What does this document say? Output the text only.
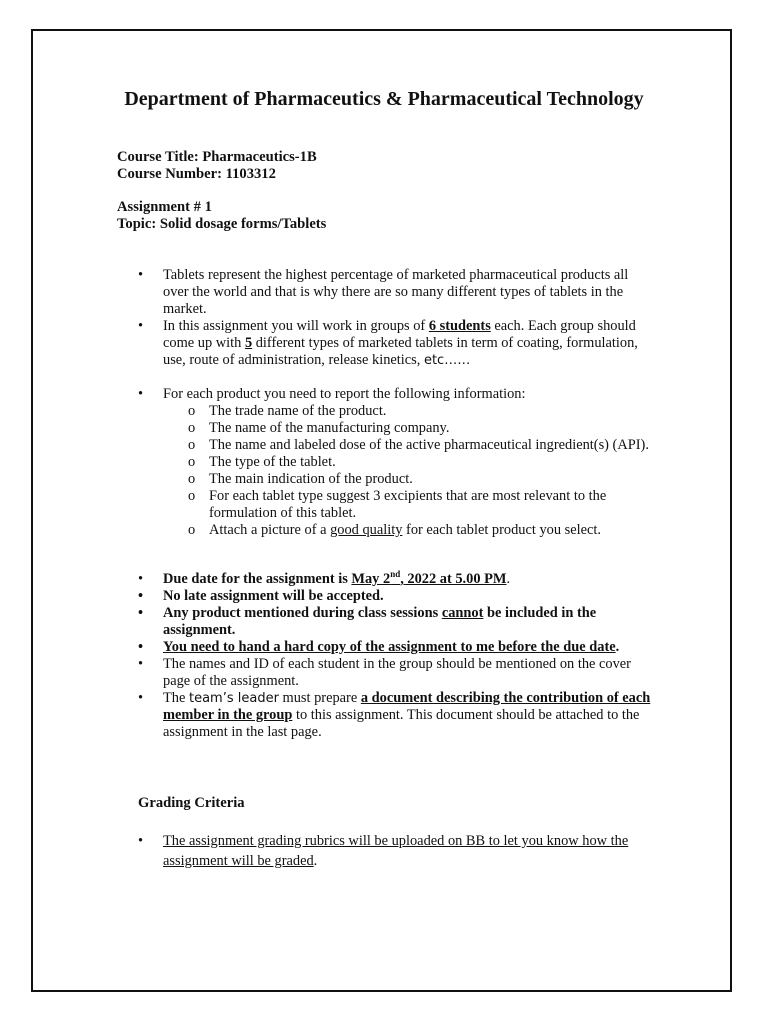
Department of Pharmaceutics & Pharmaceutical Technology
Course Title: Pharmaceutics-1B
Course Number: 1103312
Assignment # 1
Topic: Solid dosage forms/Tablets
• Tablets represent the highest percentage of marketed pharmaceutical products all over the world and that is why there are so many different types of tablets in the market.
• In this assignment you will work in groups of 6 students each. Each group should come up with 5 different types of marketed tablets in term of coating, formulation, use, route of administration, release kinetics, etc……
• For each product you need to report the following information:
o The trade name of the product.
o The name of the manufacturing company.
o The name and labeled dose of the active pharmaceutical ingredient(s) (API).
o The type of the tablet.
o The main indication of the product.
o For each tablet type suggest 3 excipients that are most relevant to the formulation of this tablet.
o Attach a picture of a good quality for each tablet product you select.
• Due date for the assignment is May 2nd, 2022 at 5.00 PM.
• No late assignment will be accepted.
• Any product mentioned during class sessions cannot be included in the assignment.
• You need to hand a hard copy of the assignment to me before the due date.
• The names and ID of each student in the group should be mentioned on the cover page of the assignment.
• The team’s leader must prepare a document describing the contribution of each member in the group to this assignment. This document should be attached to the assignment in the last page.
Grading Criteria
• The assignment grading rubrics will be uploaded on BB to let you know how the assignment will be graded.
